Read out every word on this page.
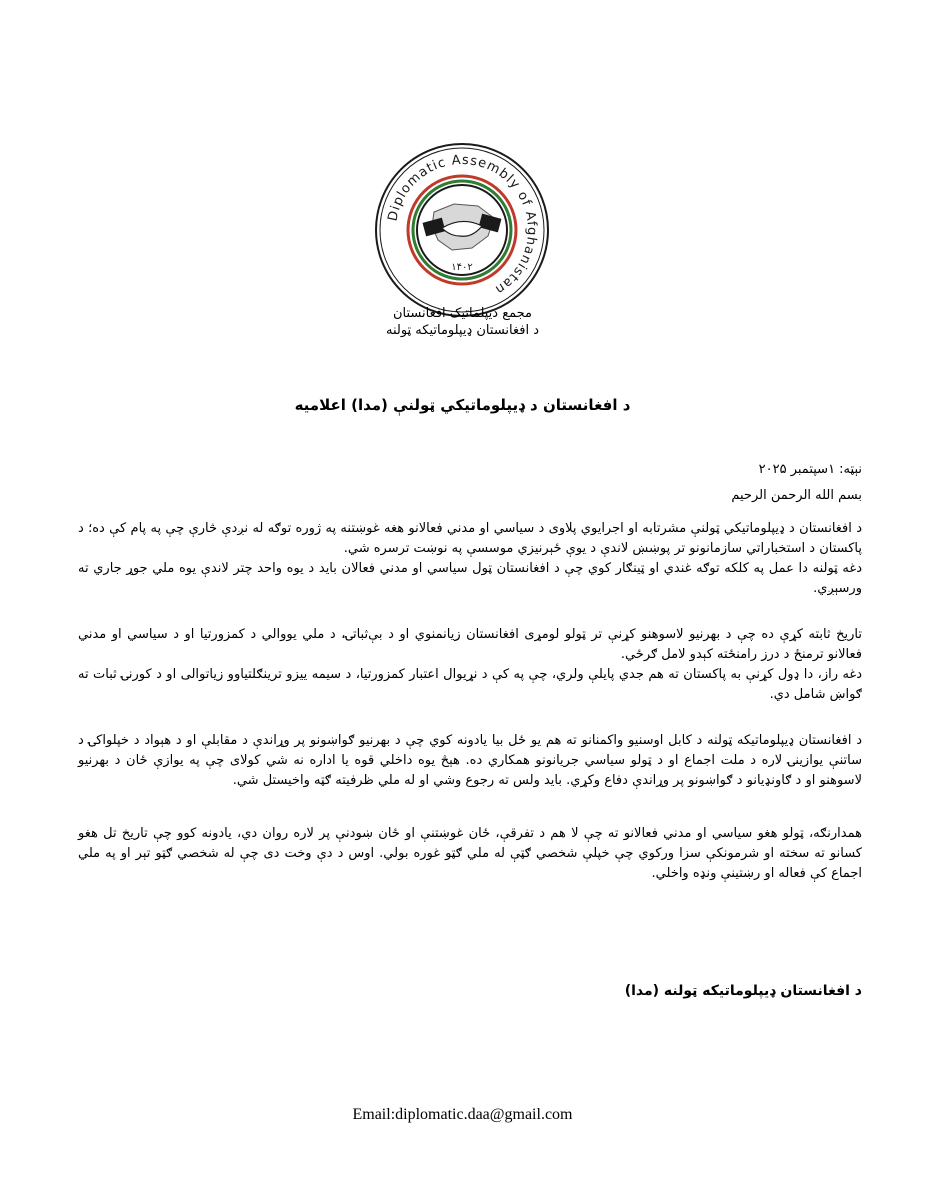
Diplomatic Assembly of Afghanistan
۱۴۰۲
مجمع دیپلماتیک افغانستان
د افغانستان ډيپلوماتيکه ټولنه
د افغانستان د ډیپلوماتیکي ټولنې (مدا) اعلامیه
نېټه: ۱سپتمبر ۲۰۲۵
بسم الله الرحمن الرحیم

د افغانستان د ډیپلوماتیکي ټولنې مشرتابه او اجرایوي پلاوی د سیاسي او مدني فعالانو هغه غوښتنه په ژوره توګه له نږدې څارې چې په پام کې ده؛ د پاکستان د استخباراتي سازمانونو تر پوښښ لاندې د یوې ځېرنیزي موسسې په نوښت ترسره شي.

دغه ټولنه دا عمل په کلکه توګه غندي او ټينګار کوي چې د افغانستان ټول سياسي او مدني فعالان بايد د يوه واحد چتر لاندې يوه ملي جوړ جاري ته ورسېږي.

تاریخ ثابته کړې ده چې د بهرنیو لاسوهنو کړنې تر ټولو لومړی افغانستان زیانمنوي او د بې‌ثباتۍ، د ملي یووالي د کمزورتیا او د سیاسي او مدني فعالانو ترمنځ د درز رامنځته کېدو لامل ګرځي.

دغه راز، دا ډول کړنې به پاکستان ته هم جدي پایلې ولري، چې په کې د نړیوال اعتبار کمزورتیا، د سیمه ییزو ترینګلتیاوو زیاتوالی او د کورنۍ ثبات ته ګواښ شامل دي.

د افغانستان ډیپلوماتیکه ټولنه د کابل اوسنیو واکمنانو ته هم یو ځل بیا یادونه کوي چې د بهرنیو ګواښونو پر وړاندې د مقابلې او د هېواد د خپلواکۍ د ساتنې یوازینۍ لاره د ملت اجماع او د ټولو سیاسي جریانونو همکاري ده. هېڅ یوه داخلي قوه یا اداره نه شي کولای چې په یوازې ځان د بهرنیو لاسوهنو او د ګاونډیانو د ګواښونو پر وړاندې دفاع وکړي. باید ولس ته رجوع وشي او له ملي ظرفیته ګټه واخیستل شي.

همدارنګه، ټولو هغو سیاسي او مدني فعالانو ته چې لا هم د تفرقې، ځان غوښتنې او ځان ښودنې پر لاره روان دي، یادونه کوو چې تاریخ تل هغو کسانو ته سخته او شرمونکې سزا ورکوي چې خپلې شخصي ګټې له ملي ګټو غوره بولي. اوس د دې وخت دی چې له شخصي ګټو تېر او په ملي اجماع کې فعاله او رښتینې ونډه واخلي.

د افغانستان ډيپلوماتيکه ټولنه (مدا)
Email:diplomatic.daa@gmail.com
